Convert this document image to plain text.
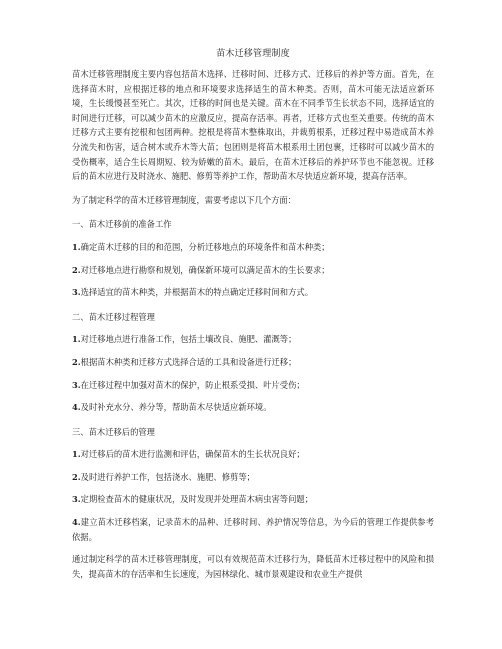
苗木迁移管理制度

苗木迁移管理制度主要内容包括苗木选择、迁移时间、迁移方式、迁移后的养护等方面。首先，在选择苗木时，应根据迁移的地点和环境要求选择适生的苗木种类。否则，苗木可能无法适应新环境，生长缓慢甚至死亡。其次，迁移的时间也是关键。苗木在不同季节生长状态不同，选择适宜的时间进行迁移，可以减少苗木的应激反应，提高存活率。再者，迁移方式也至关重要。传统的苗木迁移方式主要有挖根和包团两种。挖根是将苗木整株取出，并裁剪根系，迁移过程中易造成苗木养分流失和伤害，适合树木或乔木等大苗；包团则是将苗木根系用土团包裹，迁移时可以减少苗木的受伤概率，适合生长周期短、较为娇嫩的苗木。最后，在苗木迁移后的养护环节也不能忽视。迁移后的苗木应进行及时浇水、施肥、修剪等养护工作，帮助苗木尽快适应新环境，提高存活率。

为了制定科学的苗木迁移管理制度，需要考虑以下几个方面：

一、苗木迁移前的准备工作

1.确定苗木迁移的目的和范围，分析迁移地点的环境条件和苗木种类；

2.对迁移地点进行勘察和规划，确保新环境可以满足苗木的生长要求；

3.选择适宜的苗木种类，并根据苗木的特点确定迁移时间和方式。

二、苗木迁移过程管理

1.对迁移地点进行准备工作，包括土壤改良、施肥、灌溉等；

2.根据苗木种类和迁移方式选择合适的工具和设备进行迁移；

3.在迁移过程中加强对苗木的保护，防止根系受损、叶片受伤；

4.及时补充水分、养分等，帮助苗木尽快适应新环境。

三、苗木迁移后的管理

1.对迁移后的苗木进行监测和评估，确保苗木的生长状况良好；

2.及时进行养护工作，包括浇水、施肥、修剪等；

3.定期检查苗木的健康状况，及时发现并处理苗木病虫害等问题；

4.建立苗木迁移档案，记录苗木的品种、迁移时间、养护情况等信息，为今后的管理工作提供参考依据。

通过制定科学的苗木迁移管理制度，可以有效规范苗木迁移行为，降低苗木迁移过程中的风险和损失，提高苗木的存活率和生长速度，为园林绿化、城市景观建设和农业生产提供
